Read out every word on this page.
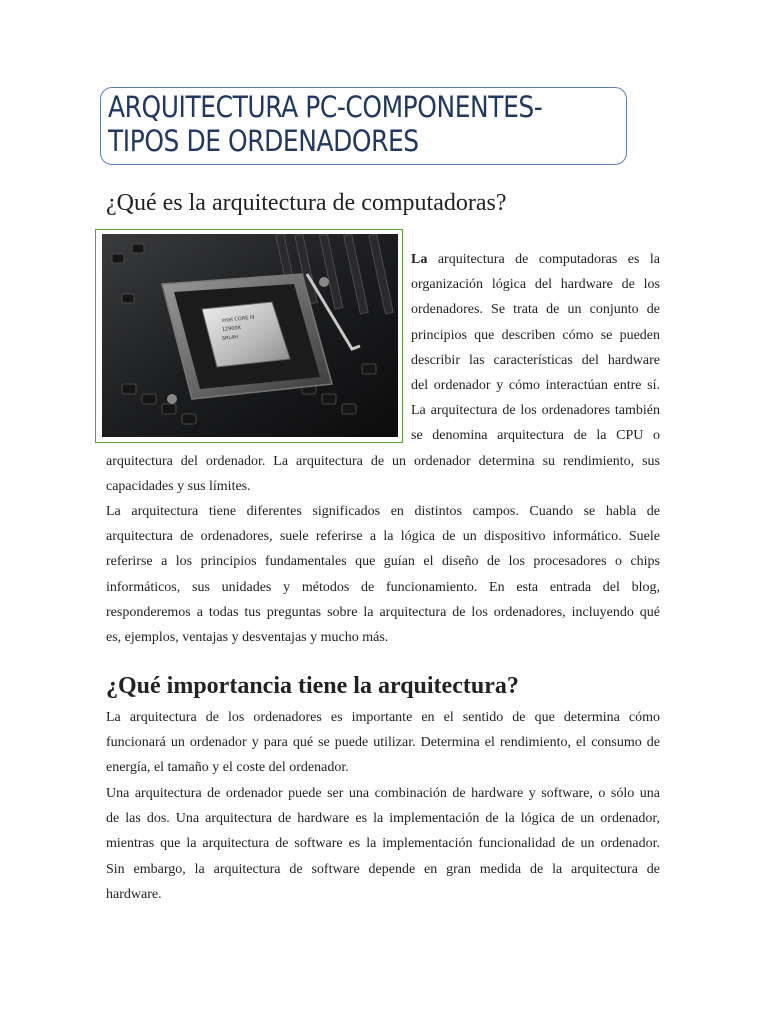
ARQUITECTURA PC-COMPONENTES-
TIPOS DE ORDENADORES
¿Qué es la arquitectura de computadoras?
intel CORE i9
12900K
SRL4H
La arquitectura de computadoras es la
organización lógica del hardware de los
ordenadores. Se trata de un conjunto de
principios que describen cómo se pueden
describir las características del hardware
del ordenador y cómo interactúan entre sí.
La arquitectura de los ordenadores también
se denomina arquitectura de la CPU o
arquitectura del ordenador. La arquitectura de un ordenador determina su rendimiento, sus
capacidades y sus límites.
La arquitectura tiene diferentes significados en distintos campos. Cuando se habla de
arquitectura de ordenadores, suele referirse a la lógica de un dispositivo informático. Suele
referirse a los principios fundamentales que guían el diseño de los procesadores o chips
informáticos, sus unidades y métodos de funcionamiento. En esta entrada del blog,
responderemos a todas tus preguntas sobre la arquitectura de los ordenadores, incluyendo qué
es, ejemplos, ventajas y desventajas y mucho más.
¿Qué importancia tiene la arquitectura?
La arquitectura de los ordenadores es importante en el sentido de que determina cómo
funcionará un ordenador y para qué se puede utilizar. Determina el rendimiento, el consumo de
energía, el tamaño y el coste del ordenador.
Una arquitectura de ordenador puede ser una combinación de hardware y software, o sólo una
de las dos. Una arquitectura de hardware es la implementación de la lógica de un ordenador,
mientras que la arquitectura de software es la implementación funcionalidad de un ordenador.
Sin embargo, la arquitectura de software depende en gran medida de la arquitectura de
hardware.
